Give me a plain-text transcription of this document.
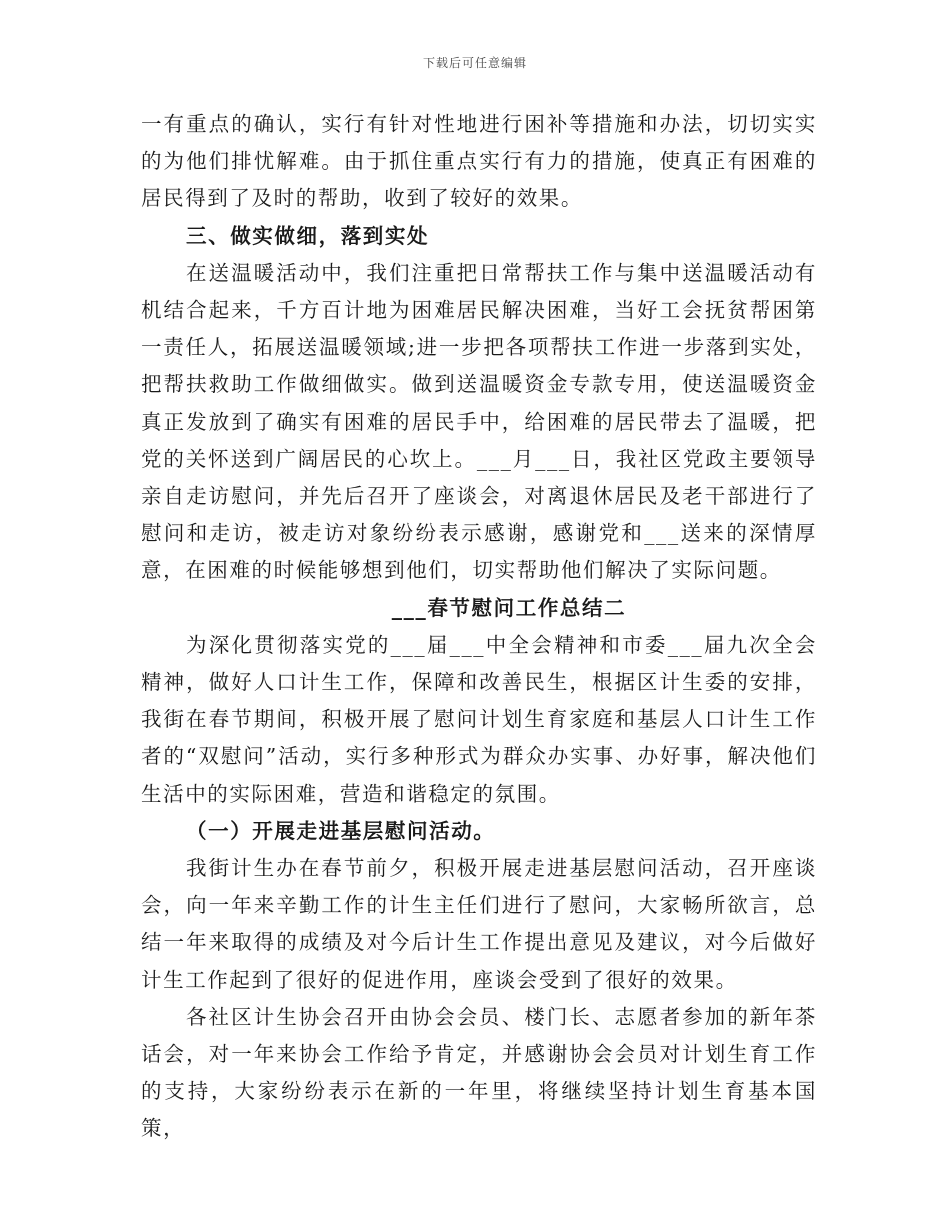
下载后可任意编辑

一有重点的确认，实行有针对性地进行困补等措施和办法，切切实实的为他们排忧解难。由于抓住重点实行有力的措施，使真正有困难的居民得到了及时的帮助，收到了较好的效果。

三、做实做细，落到实处

在送温暖活动中，我们注重把日常帮扶工作与集中送温暖活动有机结合起来，千方百计地为困难居民解决困难，当好工会抚贫帮困第一责任人，拓展送温暖领域;进一步把各项帮扶工作进一步落到实处，把帮扶救助工作做细做实。做到送温暖资金专款专用，使送温暖资金真正发放到了确实有困难的居民手中，给困难的居民带去了温暖，把党的关怀送到广阔居民的心坎上。___月___日，我社区党政主要领导亲自走访慰问，并先后召开了座谈会，对离退休居民及老干部进行了慰问和走访，被走访对象纷纷表示感谢，感谢党和___送来的深情厚意，在困难的时候能够想到他们，切实帮助他们解决了实际问题。

___春节慰问工作总结二

为深化贯彻落实党的___届___中全会精神和市委___届九次全会精神，做好人口计生工作，保障和改善民生，根据区计生委的安排，我街在春节期间，积极开展了慰问计划生育家庭和基层人口计生工作者的“双慰问”活动，实行多种形式为群众办实事、办好事，解决他们生活中的实际困难，营造和谐稳定的氛围。

（一）开展走进基层慰问活动。

我街计生办在春节前夕，积极开展走进基层慰问活动，召开座谈会，向一年来辛勤工作的计生主任们进行了慰问，大家畅所欲言，总结一年来取得的成绩及对今后计生工作提出意见及建议，对今后做好计生工作起到了很好的促进作用，座谈会受到了很好的效果。

各社区计生协会召开由协会会员、楼门长、志愿者参加的新年茶话会，对一年来协会工作给予肯定，并感谢协会会员对计划生育工作的支持，大家纷纷表示在新的一年里，将继续坚持计划生育基本国策，
